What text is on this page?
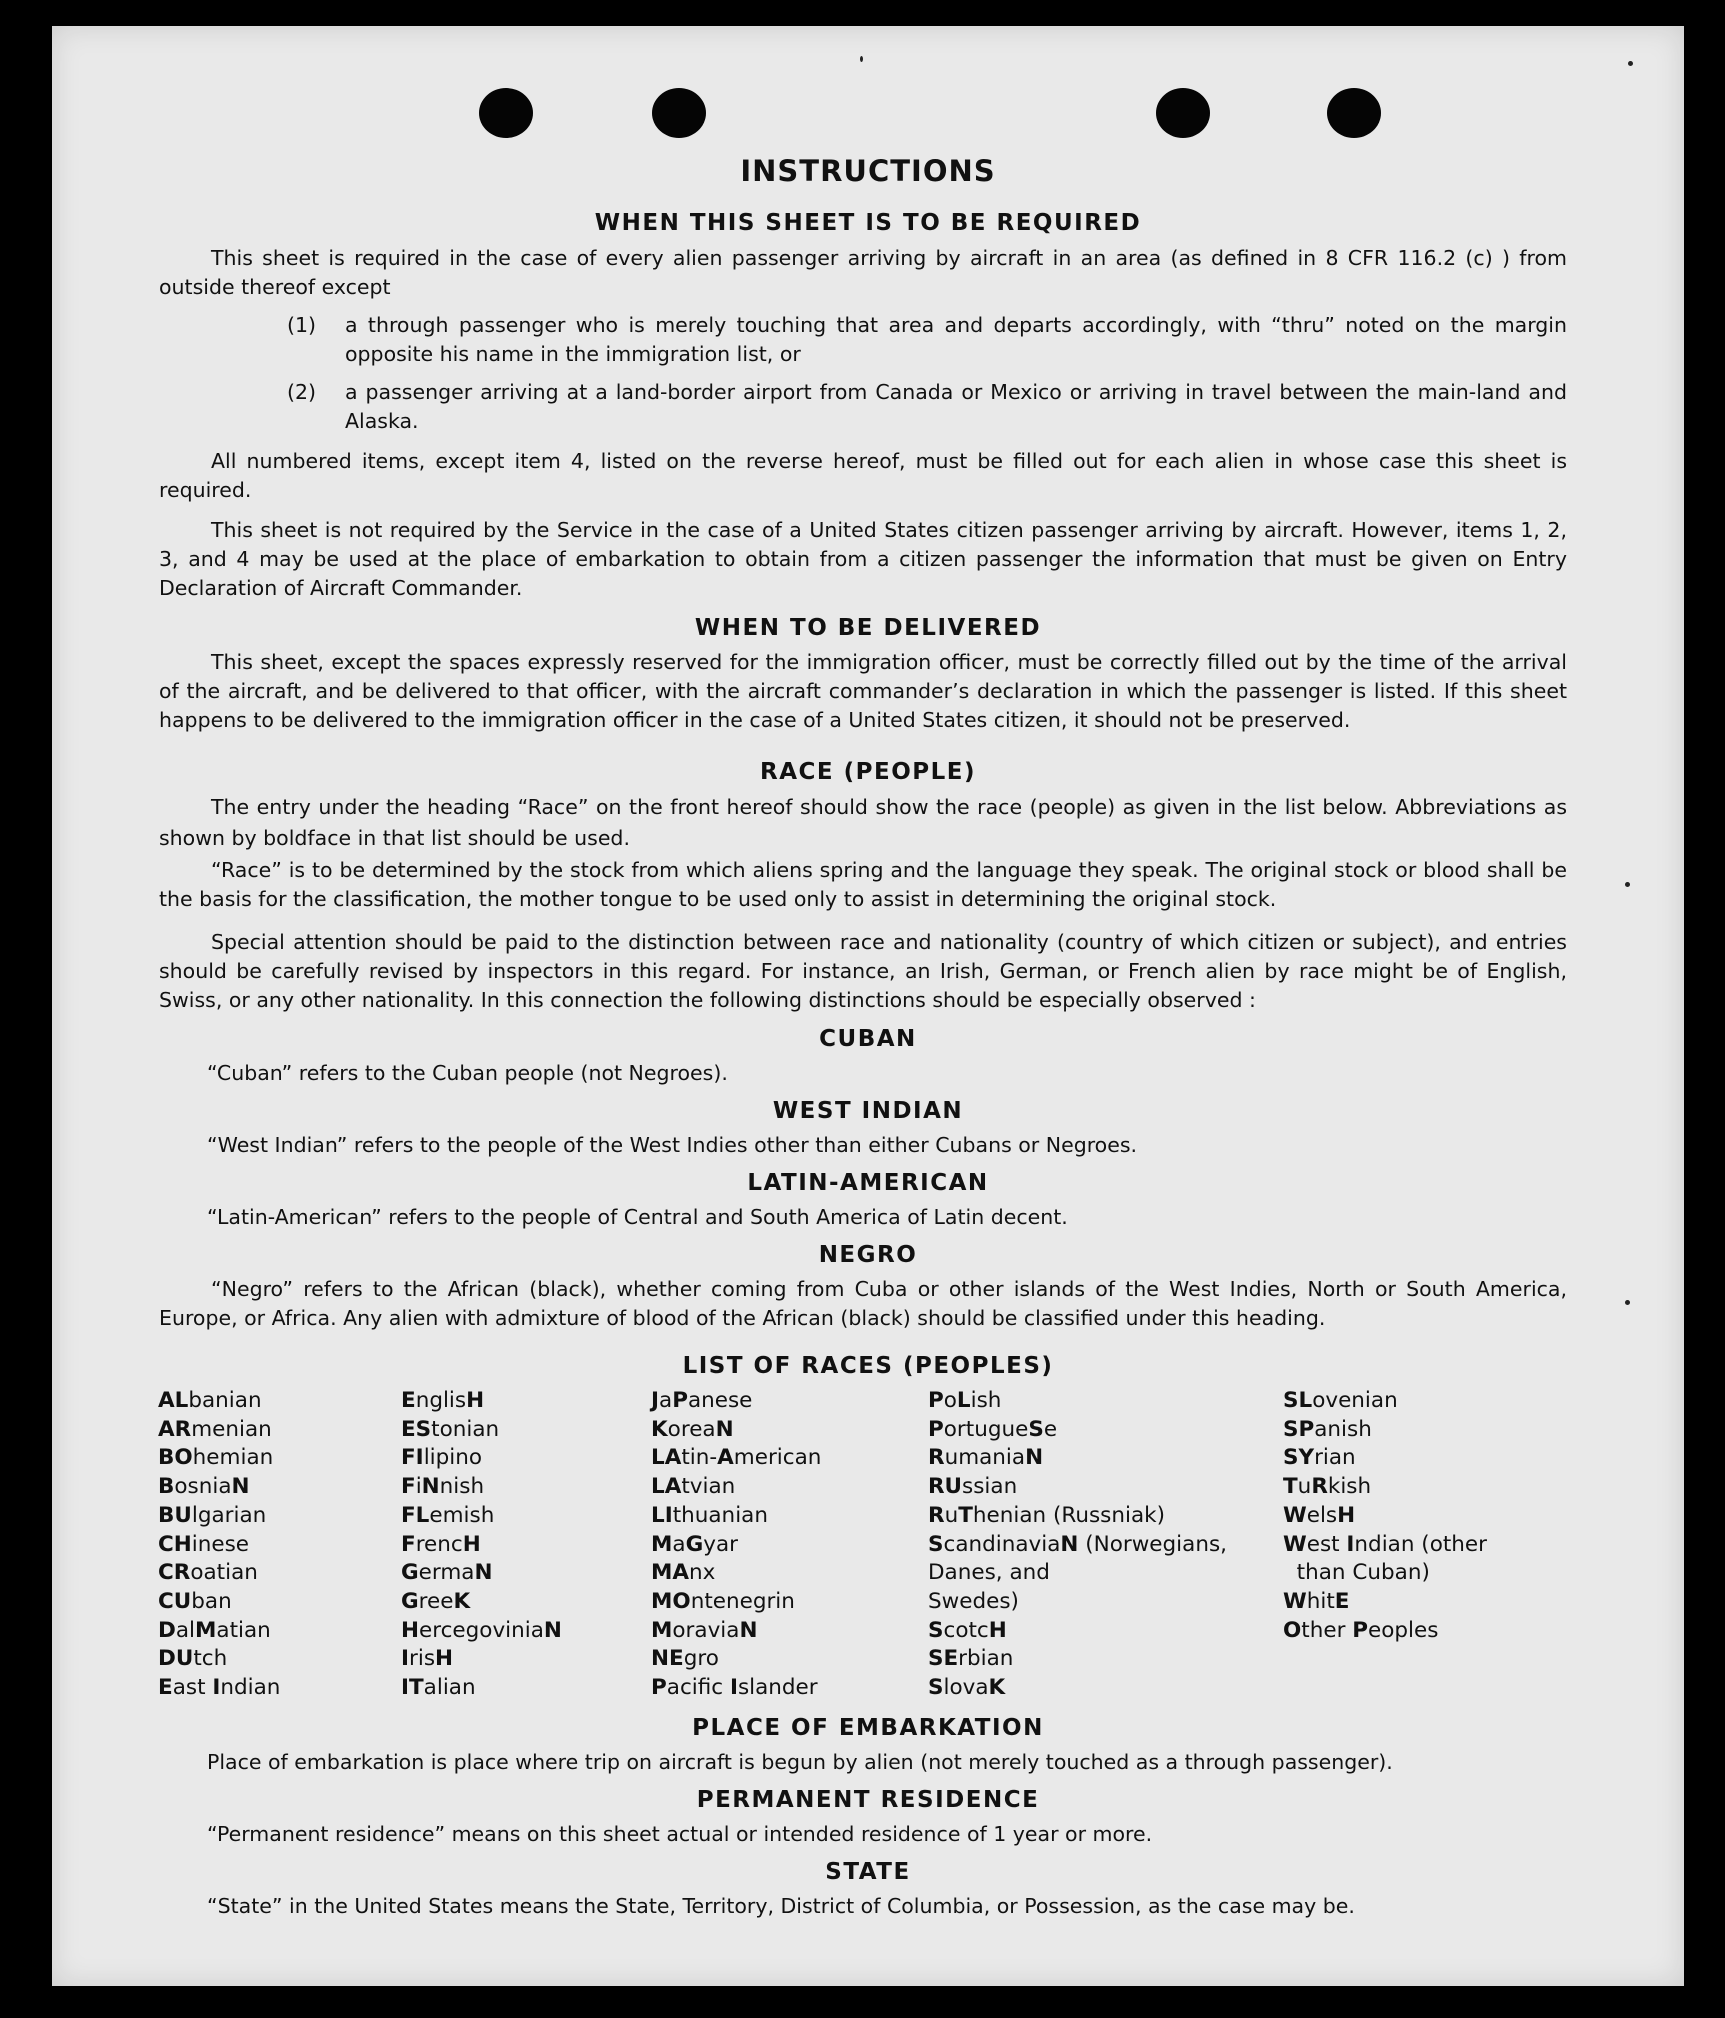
INSTRUCTIONS
WHEN THIS SHEET IS TO BE REQUIRED
This sheet is required in the case of every alien passenger arriving by aircraft in an area (as defined in 8 CFR 116.2 (c) ) from outside thereof except
(1) a through passenger who is merely touching that area and departs accordingly, with “thru” noted on the margin opposite his name in the immigration list, or
(2) a passenger arriving at a land-border airport from Canada or Mexico or arriving in travel between the main-land and Alaska.
All numbered items, except item 4, listed on the reverse hereof, must be filled out for each alien in whose case this sheet is required.
This sheet is not required by the Service in the case of a United States citizen passenger arriving by aircraft. However, items 1, 2, 3, and 4 may be used at the place of embarkation to obtain from a citizen passenger the information that must be given on Entry Declaration of Aircraft Commander.
WHEN TO BE DELIVERED
This sheet, except the spaces expressly reserved for the immigration officer, must be correctly filled out by the time of the arrival of the aircraft, and be delivered to that officer, with the aircraft commander’s declaration in which the passenger is listed. If this sheet happens to be delivered to the immigration officer in the case of a United States citizen, it should not be preserved.
RACE (PEOPLE)
The entry under the heading “Race” on the front hereof should show the race (people) as given in the list below. Abbreviations as shown by boldface in that list should be used.
“Race” is to be determined by the stock from which aliens spring and the language they speak. The original stock or blood shall be the basis for the classification, the mother tongue to be used only to assist in determining the original stock.
Special attention should be paid to the distinction between race and nationality (country of which citizen or subject), and entries should be carefully revised by inspectors in this regard. For instance, an Irish, German, or French alien by race might be of English, Swiss, or any other nationality. In this connection the following distinctions should be especially observed :
CUBAN
“Cuban” refers to the Cuban people (not Negroes).
WEST INDIAN
“West Indian” refers to the people of the West Indies other than either Cubans or Negroes.
LATIN-AMERICAN
“Latin-American” refers to the people of Central and South America of Latin decent.
NEGRO
“Negro” refers to the African (black), whether coming from Cuba or other islands of the West Indies, North or South America, Europe, or Africa. Any alien with admixture of blood of the African (black) should be classified under this heading.
LIST OF RACES (PEOPLES)
ALbanian
ARmenian
BOhemian
BosniaN
BUlgarian
CHinese
CRoatian
CUban
DalMatian
DUtch
East Indian
EnglisH
EStonian
FIlipino
FiNnish
FLemish
FrencH
GermaN
GreeK
HercegoviniaN
IrisH
ITalian
JaPanese
KoreaN
LAtin-American
LAtvian
LIthuanian
MaGyar
MAnx
MOntenegrin
MoraviaN
NEgro
Pacific Islander
PoLish
PortugueSe
RumaniaN
RUssian
RuThenian (Russniak)
ScandinaviaN (Norwegians,
Danes, and
Swedes)
ScotcH
SErbian
SlovaK
SLovenian
SPanish
SYrian
TuRkish
WelsH
West Indian (other
than Cuban)
WhitE
Other Peoples
PLACE OF EMBARKATION
Place of embarkation is place where trip on aircraft is begun by alien (not merely touched as a through passenger).
PERMANENT RESIDENCE
“Permanent residence” means on this sheet actual or intended residence of 1 year or more.
STATE
“State” in the United States means the State, Territory, District of Columbia, or Possession, as the case may be.
